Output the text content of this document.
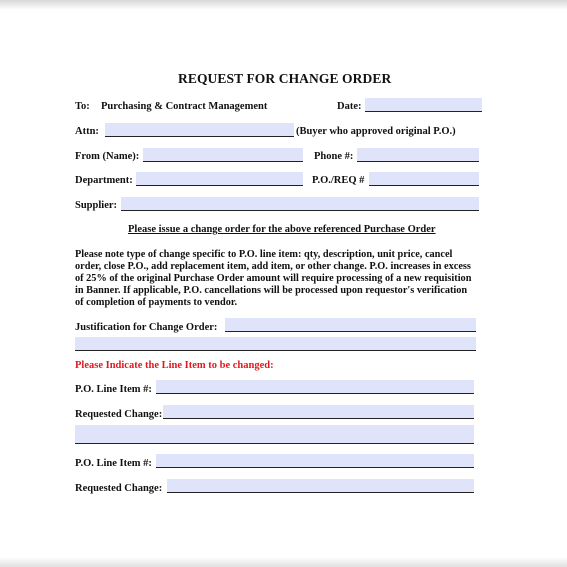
REQUEST FOR CHANGE ORDER
To: Purchasing & Contract Management	Date:
Attn:	(Buyer who approved original P.O.)
From (Name):	Phone #:
Department:	P.O./REQ #
Supplier:
Please issue a change order for the above referenced Purchase Order
Please note type of change specific to P.O. line item: qty, description, unit price, cancel
order, close P.O., add replacement item, add item, or other change. P.O. increases in excess
of 25% of the original Purchase Order amount will require processing of a new requisition
in Banner. If applicable, P.O. cancellations will be processed upon requestor's verification
of completion of payments to vendor.
Justification for Change Order:
Please Indicate the Line Item to be changed:
P.O. Line Item #:
Requested Change:
P.O. Line Item #:
Requested Change:
